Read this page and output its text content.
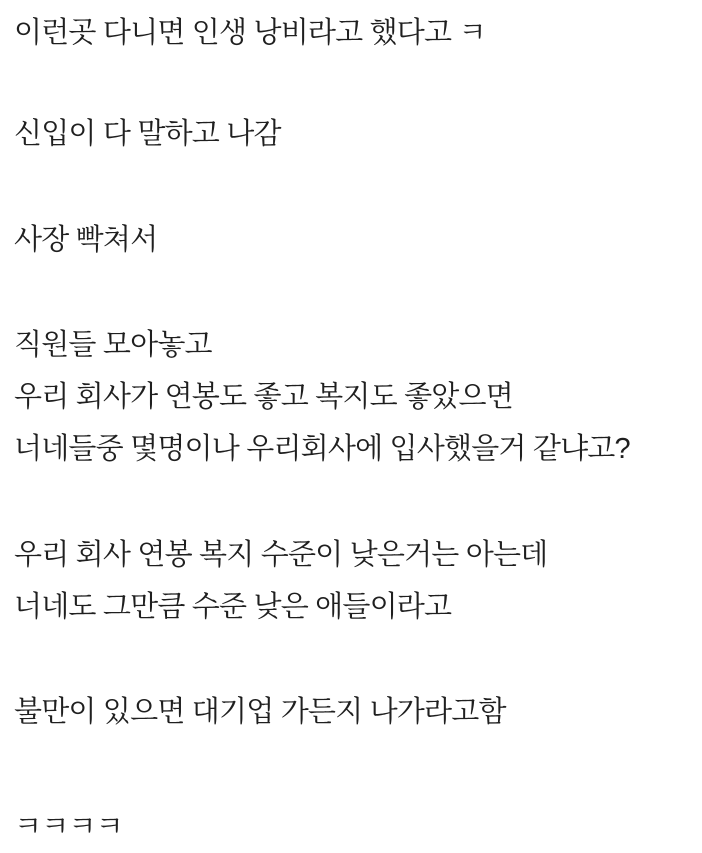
이런곳 다니면 인생 낭비라고 했다고 ㅋ

신입이 다 말하고 나감

사장 빡쳐서

직원들 모아놓고
우리 회사가 연봉도 좋고 복지도 좋았으면
너네들중 몇명이나 우리회사에 입사했을거 같냐고?

우리 회사 연봉 복지 수준이 낮은거는 아는데
너네도 그만큼 수준 낮은 애들이라고

불만이 있으면 대기업 가든지 나가라고함

ㅋㅋㅋㅋ
